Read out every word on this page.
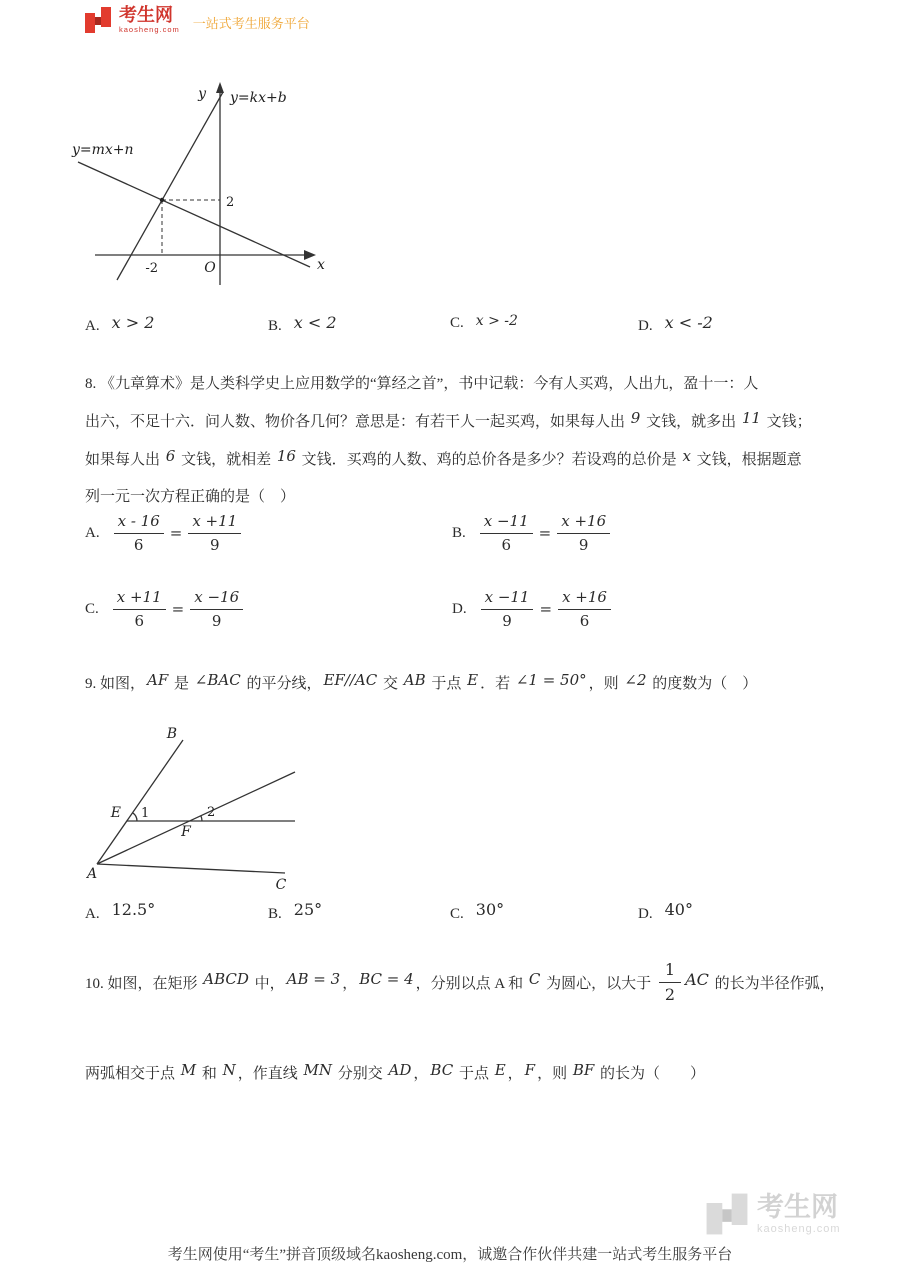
考生网
kaosheng.com 一站式考生服务平台
y
x
O
y=kx+b
y=mx+n
2
-2
A. x > 2	B. x < 2	C. x > -2	D. x < -2
8. 《九章算术》是人类科学史上应用数学的“算经之首”，书中记载：今有人买鸡，人出九，盈十一：人
出六，不足十六．问人数、物价各几何？意思是：有若干人一起买鸡，如果每人出 9 文钱，就多出 11 文钱；
如果每人出 6 文钱，就相差 16 文钱．买鸡的人数、鸡的总价各是多少？若设鸡的总价是 x 文钱，根据题意
列一元一次方程正确的是（　）
A. $\frac{x - 16}{6} = \frac{x +11}{9}$	B. $\frac{x -11}{6} = \frac{x +16}{9}$
C. $\frac{x +11}{6} = \frac{x -16}{9}$	D. $\frac{x -11}{9} = \frac{x +16}{6}$
9. 如图， AF 是 ∠BAC 的平分线， EF//AC 交 AB 于点 E ．若 ∠1 = 50° ，则 ∠2 的度数为（　）
B
A
C
E
F
1	2
A. 12.5°	B. 25°	C. 30°	D. 40°
10. 如图，在矩形 ABCD 中， AB = 3 ， BC = 4 ，分别以点 A 和 C 为圆心，以大于 $\frac{1}{2}$ AC 的长为半径作弧，
两弧相交于点 M 和 N ，作直线 MN 分别交 AD ， BC 于点 E ， F ，则 BF 的长为（　　）
考生网
kaosheng.com
考生网使用“考生”拼音顶级域名kaosheng.com，诚邀合作伙伴共建一站式考生服务平台
